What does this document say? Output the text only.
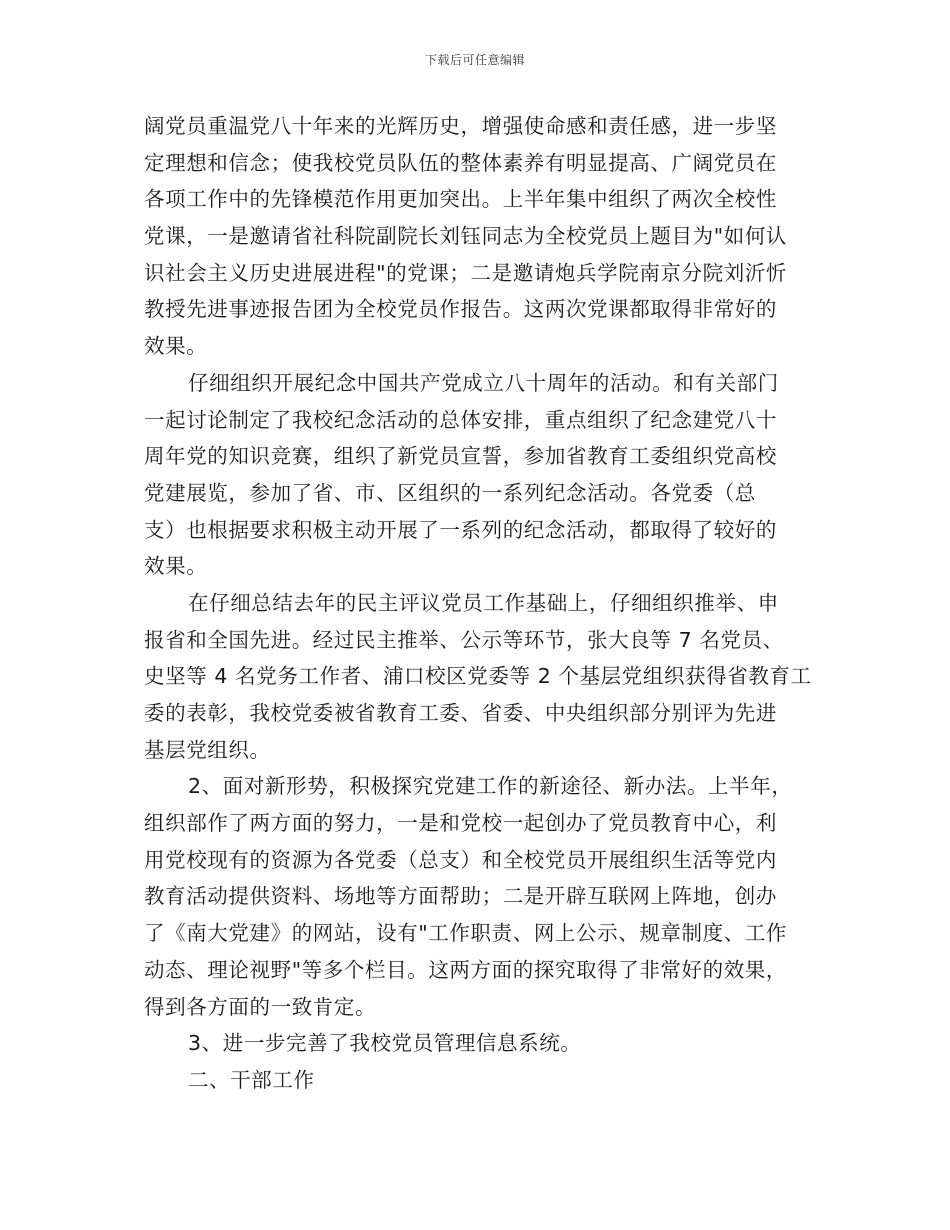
下载后可任意编辑
阔党员重温党八十年来的光辉历史，增强使命感和责任感，进一步坚
定理想和信念；使我校党员队伍的整体素养有明显提高、广阔党员在
各项工作中的先锋模范作用更加突出。上半年集中组织了两次全校性
党课，一是邀请省社科院副院长刘钰同志为全校党员上题目为"如何认
识社会主义历史进展进程"的党课；二是邀请炮兵学院南京分院刘沂忻
教授先进事迹报告团为全校党员作报告。这两次党课都取得非常好的
效果。
仔细组织开展纪念中国共产党成立八十周年的活动。和有关部门
一起讨论制定了我校纪念活动的总体安排，重点组织了纪念建党八十
周年党的知识竞赛，组织了新党员宣誓，参加省教育工委组织党高校
党建展览，参加了省、市、区组织的一系列纪念活动。各党委（总
支）也根据要求积极主动开展了一系列的纪念活动，都取得了较好的
效果。
在仔细总结去年的民主评议党员工作基础上，仔细组织推举、申
报省和全国先进。经过民主推举、公示等环节，张大良等 7 名党员、
史坚等 4 名党务工作者、浦口校区党委等 2 个基层党组织获得省教育工
委的表彰，我校党委被省教育工委、省委、中央组织部分别评为先进
基层党组织。
2、面对新形势，积极探究党建工作的新途径、新办法。上半年，
组织部作了两方面的努力，一是和党校一起创办了党员教育中心，利
用党校现有的资源为各党委（总支）和全校党员开展组织生活等党内
教育活动提供资料、场地等方面帮助；二是开辟互联网上阵地，创办
了《南大党建》的网站，设有"工作职责、网上公示、规章制度、工作
动态、理论视野"等多个栏目。这两方面的探究取得了非常好的效果，
得到各方面的一致肯定。
3、进一步完善了我校党员管理信息系统。
二、干部工作
